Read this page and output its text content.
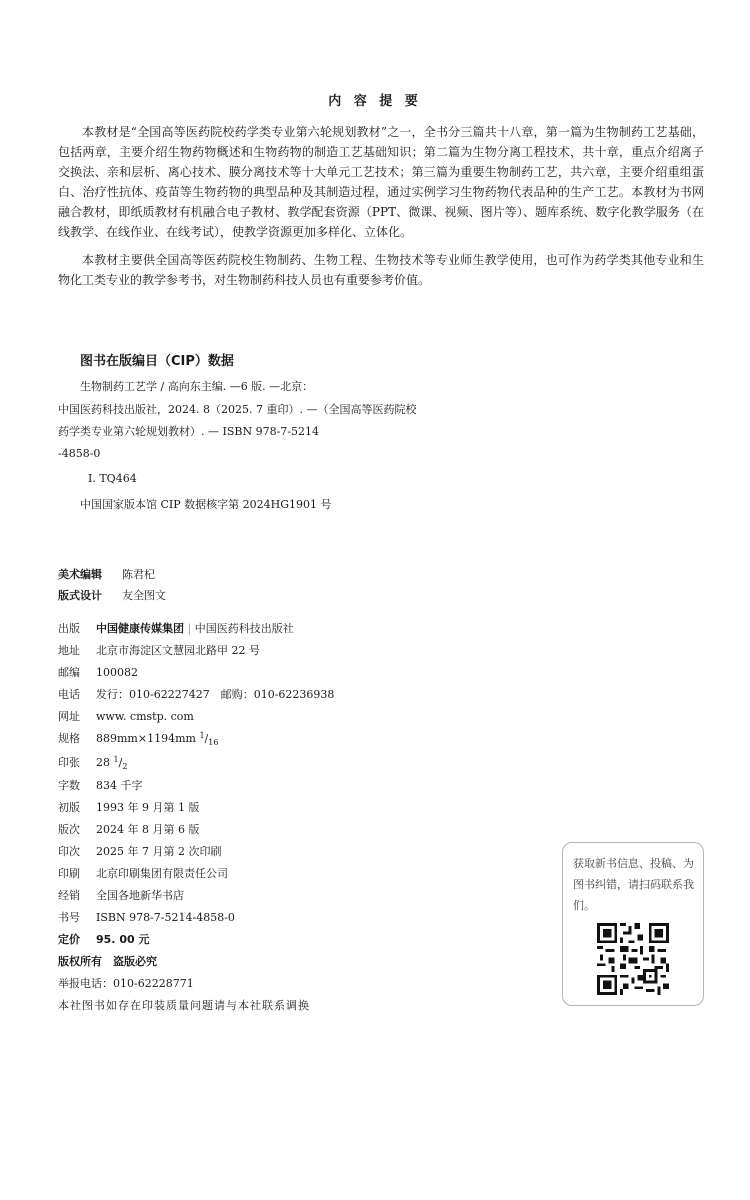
内 容 提 要

本教材是“全国高等医药院校药学类专业第六轮规划教材”之一，全书分三篇共十八章，第一篇为生物制药工艺基础，包括两章，主要介绍生物药物概述和生物药物的制造工艺基础知识；第二篇为生物分离工程技术，共十章，重点介绍离子交换法、亲和层析、离心技术、膜分离技术等十大单元工艺技术；第三篇为重要生物制药工艺，共六章，主要介绍重组蛋白、治疗性抗体、疫苗等生物药物的典型品种及其制造过程，通过实例学习生物药物代表品种的生产工艺。本教材为书网融合教材，即纸质教材有机融合电子教材、教学配套资源（PPT、微课、视频、图片等）、题库系统、数字化教学服务（在线教学、在线作业、在线考试），使教学资源更加多样化、立体化。

本教材主要供全国高等医药院校生物制药、生物工程、生物技术等专业师生教学使用，也可作为药学类其他专业和生物化工类专业的教学参考书，对生物制药科技人员也有重要参考价值。

图书在版编目（CIP）数据
生物制药工艺学 / 高向东主编. —6 版. —北京：
中国医药科技出版社，2024. 8（2025. 7 重印）. —（全国高等医药院校
药学类专业第六轮规划教材）. — ISBN 978-7-5214
-4858-0
Ⅰ. TQ464
中国国家版本馆 CIP 数据核字第 2024HG1901 号
美术编辑 陈君杞
版式设计 友全图文
出版 中国健康传媒集团 | 中国医药科技出版社
地址 北京市海淀区文慧园北路甲 22 号
邮编 100082
电话 发行：010-62227427　邮购：010-62236938
网址 www. cmstp. com
规格 889mm×1194mm $^1/_{16}$
印张 28 $^1/_2$
字数 834 千字
初版 1993 年 9 月第 1 版
版次 2024 年 8 月第 6 版
印次 2025 年 7 月第 2 次印刷
印刷 北京印刷集团有限责任公司
经销 全国各地新华书店
书号 ISBN 978-7-5214-4858-0
定价 95. 00 元
版权所有　盗版必究
举报电话：010-62228771
本社图书如存在印装质量问题请与本社联系调换
获取新书信息、投稿、为图书纠错，请扫码联系我们。
